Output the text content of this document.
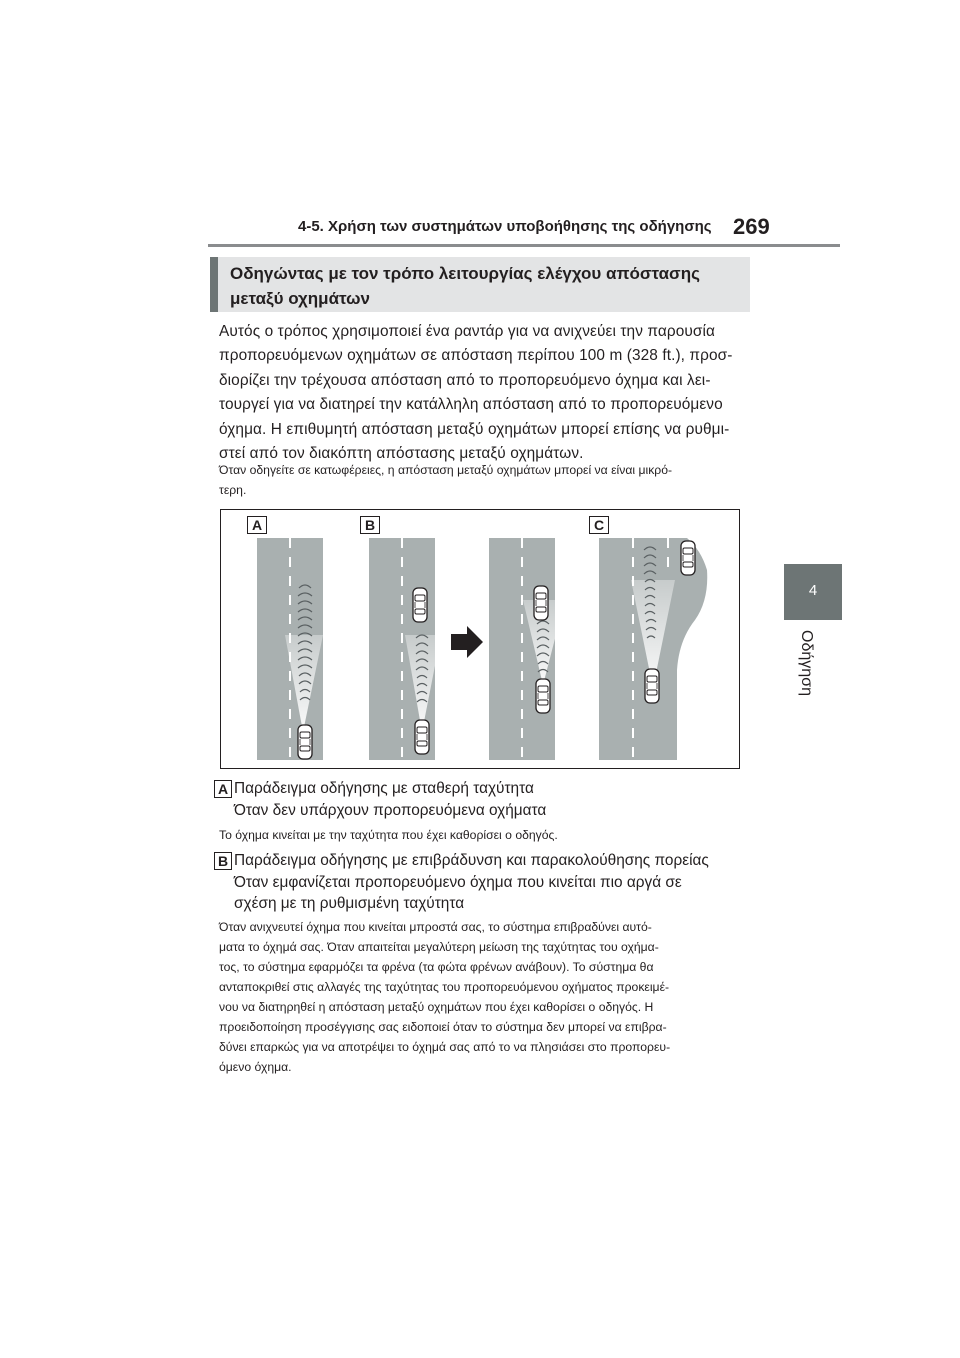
4-5. Χρήση των συστημάτων υποβοήθησης της οδήγησης 269
4
Οδήγηση
Οδηγώντας με τον τρόπο λειτουργίας ελέγχου απόστασης
μεταξύ οχημάτων
Αυτός ο τρόπος χρησιμοποιεί ένα ραντάρ για να ανιχνεύει την παρουσία
προπορευόμενων οχημάτων σε απόσταση περίπου 100 m (328 ft.), προσ-
διορίζει την τρέχουσα απόσταση από το προπορευόμενο όχημα και λει-
τουργεί για να διατηρεί την κατάλληλη απόσταση από το προπορευόμενο
όχημα. Η επιθυμητή απόσταση μεταξύ οχημάτων μπορεί επίσης να ρυθμι-
στεί από τον διακόπτη απόστασης μεταξύ οχημάτων.
Όταν οδηγείτε σε κατωφέρειες, η απόσταση μεταξύ οχημάτων μπορεί να είναι μικρό-
τερη.
A	B	C
A Παράδειγμα οδήγησης με σταθερή ταχύτητα
Όταν δεν υπάρχουν προπορευόμενα οχήματα
Το όχημα κινείται με την ταχύτητα που έχει καθορίσει ο οδηγός.
B Παράδειγμα οδήγησης με επιβράδυνση και παρακολούθησης πορείας
Όταν εμφανίζεται προπορευόμενο όχημα που κινείται πιο αργά σε
σχέση με τη ρυθμισμένη ταχύτητα
Όταν ανιχνευτεί όχημα που κινείται μπροστά σας, το σύστημα επιβραδύνει αυτό-
ματα το όχημά σας. Όταν απαιτείται μεγαλύτερη μείωση της ταχύτητας του οχήμα-
τος, το σύστημα εφαρμόζει τα φρένα (τα φώτα φρένων ανάβουν). Το σύστημα θα
ανταποκριθεί στις αλλαγές της ταχύτητας του προπορευόμενου οχήματος προκειμέ-
νου να διατηρηθεί η απόσταση μεταξύ οχημάτων που έχει καθορίσει ο οδηγός. Η
προειδοποίηση προσέγγισης σας ειδοποιεί όταν το σύστημα δεν μπορεί να επιβρα-
δύνει επαρκώς για να αποτρέψει το όχημά σας από το να πλησιάσει στο προπορευ-
όμενο όχημα.
